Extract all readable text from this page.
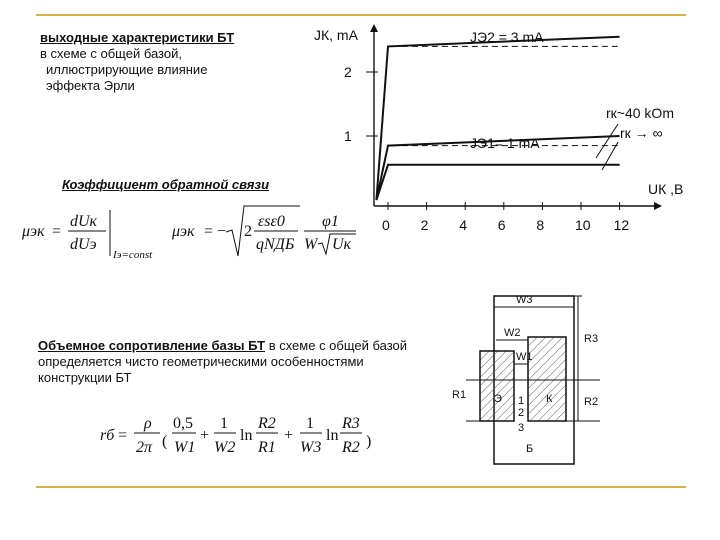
выходные характеристики БТ
в схеме с общей базой,
иллюстрирующие влияние
эффекта Эрли
Коэффициент обратной связи
Объемное сопротивление базы БТ в схеме с общей базой
определяется чисто геометрическими особенностями
конструкции БТ
0 2 4 6 8 10 12
1
2
JК, mA
UК ,B
JЭ2 = 3 mA
JЭ1= 1 mA
rк~40 kOm
rк → ∞
μэк =
dUк
dUэ
Iэ=const
μэк = − 2
εsε0
qNДБ
φ1
W Uк
rб =
ρ
2π (
0,5
W1
+
1
W2
ln
R2
R1
+
1
W3
ln
R3
R2 )
W3
W2
W1
R3
R2
R1	Э	К
1
2
3
Б
